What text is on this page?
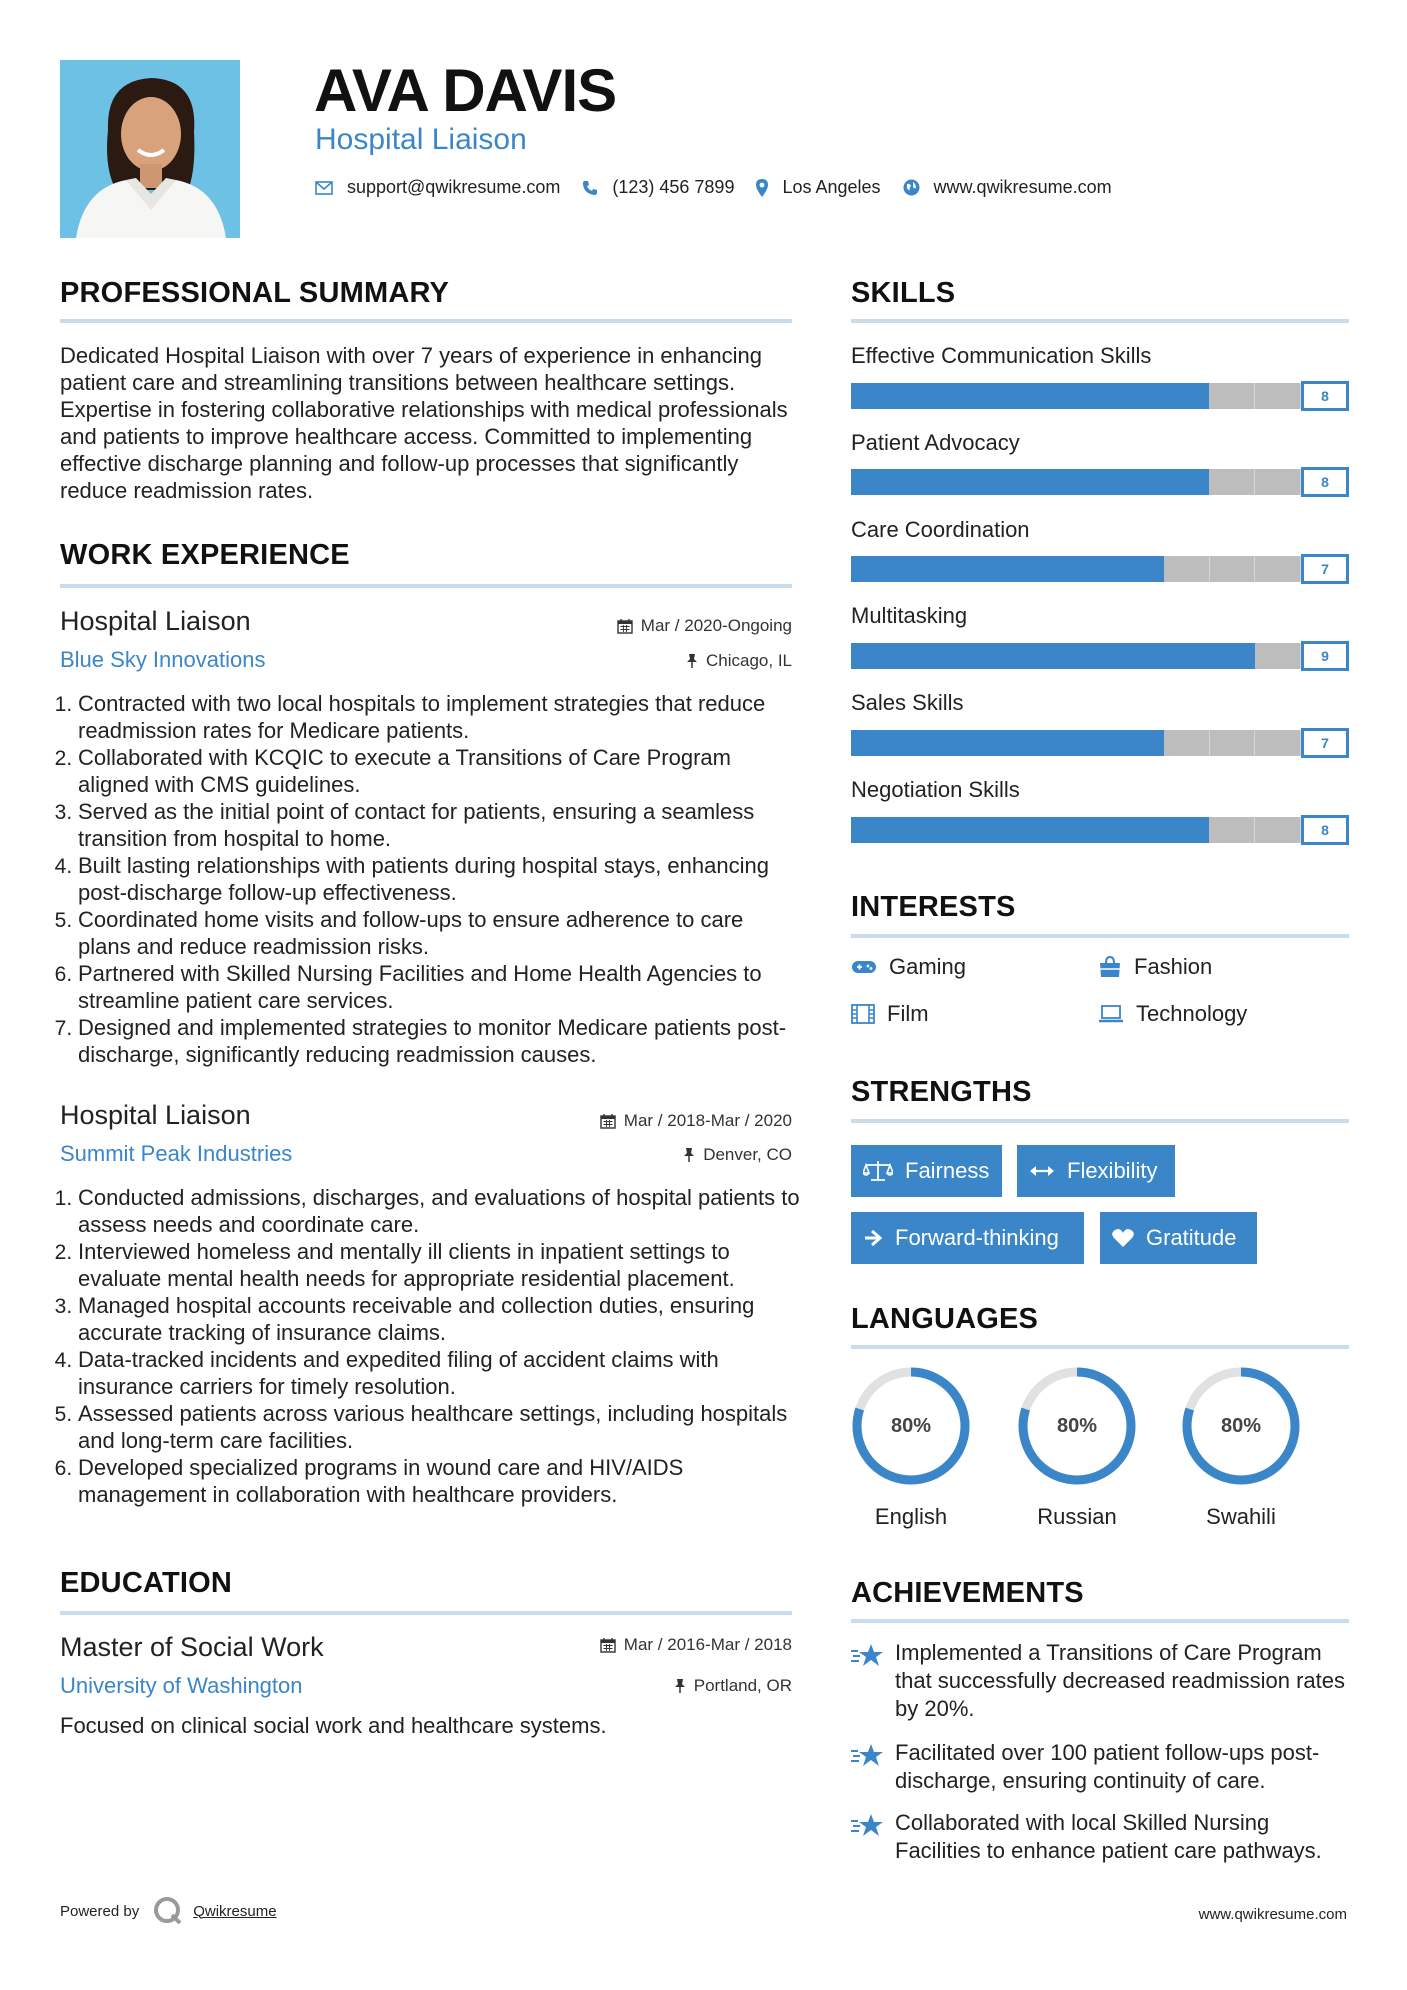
AVA DAVIS
Hospital Liaison
support@qwikresume.com	(123) 456 7899	Los Angeles	www.qwikresume.com
PROFESSIONAL SUMMARY
Dedicated Hospital Liaison with over 7 years of experience in enhancing patient care and streamlining transitions between healthcare settings. Expertise in fostering collaborative relationships with medical professionals and patients to improve healthcare access. Committed to implementing effective discharge planning and follow-up processes that significantly reduce readmission rates.
WORK EXPERIENCE
Hospital Liaison	Mar / 2020-Ongoing
Blue Sky Innovations	Chicago, IL
1. Contracted with two local hospitals to implement strategies that reduce readmission rates for Medicare patients.
2. Collaborated with KCQIC to execute a Transitions of Care Program aligned with CMS guidelines.
3. Served as the initial point of contact for patients, ensuring a seamless transition from hospital to home.
4. Built lasting relationships with patients during hospital stays, enhancing post-discharge follow-up effectiveness.
5. Coordinated home visits and follow-ups to ensure adherence to care plans and reduce readmission risks.
6. Partnered with Skilled Nursing Facilities and Home Health Agencies to streamline patient care services.
7. Designed and implemented strategies to monitor Medicare patients post-discharge, significantly reducing readmission causes.
Hospital Liaison	Mar / 2018-Mar / 2020
Summit Peak Industries	Denver, CO
1. Conducted admissions, discharges, and evaluations of hospital patients to assess needs and coordinate care.
2. Interviewed homeless and mentally ill clients in inpatient settings to evaluate mental health needs for appropriate residential placement.
3. Managed hospital accounts receivable and collection duties, ensuring accurate tracking of insurance claims.
4. Data-tracked incidents and expedited filing of accident claims with insurance carriers for timely resolution.
5. Assessed patients across various healthcare settings, including hospitals and long-term care facilities.
6. Developed specialized programs in wound care and HIV/AIDS management in collaboration with healthcare providers.
EDUCATION
Master of Social Work	Mar / 2016-Mar / 2018
University of Washington	Portland, OR
Focused on clinical social work and healthcare systems.
SKILLS
Effective Communication Skills
8
Patient Advocacy
8
Care Coordination
7
Multitasking
9
Sales Skills
7
Negotiation Skills
8
INTERESTS
Gaming	Fashion
Film	Technology
STRENGTHS
Fairness	Flexibility
Forward-thinking	Gratitude
LANGUAGES
80%
English
80%
Russian
80%
Swahili
ACHIEVEMENTS
Implemented a Transitions of Care Program that successfully decreased readmission rates by 20%.
Facilitated over 100 patient follow-ups post-discharge, ensuring continuity of care.
Collaborated with local Skilled Nursing Facilities to enhance patient care pathways.
Powered by	Qwikresume	www.qwikresume.com
